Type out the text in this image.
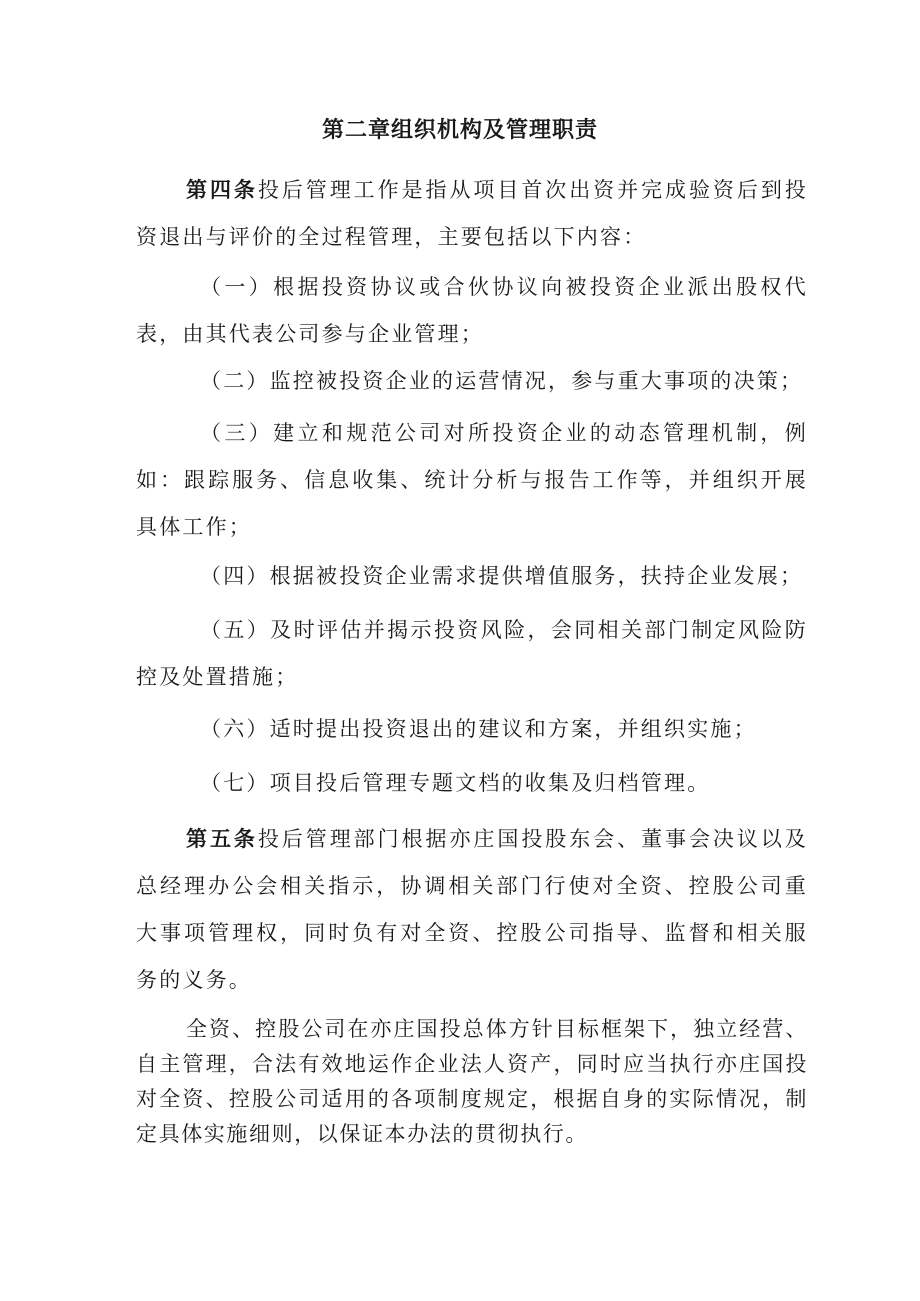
第二章组织机构及管理职责
第四条投后管理工作是指从项目首次出资并完成验资后到投资退出与评价的全过程管理，主要包括以下内容：
（一）根据投资协议或合伙协议向被投资企业派出股权代表，由其代表公司参与企业管理；
（二）监控被投资企业的运营情况，参与重大事项的决策；
（三）建立和规范公司对所投资企业的动态管理机制，例如：跟踪服务、信息收集、统计分析与报告工作等，并组织开展具体工作；
（四）根据被投资企业需求提供增值服务，扶持企业发展；
（五）及时评估并揭示投资风险，会同相关部门制定风险防控及处置措施；
（六）适时提出投资退出的建议和方案，并组织实施；
（七）项目投后管理专题文档的收集及归档管理。
第五条投后管理部门根据亦庄国投股东会、董事会决议以及总经理办公会相关指示，协调相关部门行使对全资、控股公司重大事项管理权，同时负有对全资、控股公司指导、监督和相关服务的义务。
全资、控股公司在亦庄国投总体方针目标框架下，独立经营、自主管理，合法有效地运作企业法人资产，同时应当执行亦庄国投对全资、控股公司适用的各项制度规定，根据自身的实际情况，制定具体实施细则，以保证本办法的贯彻执行。
